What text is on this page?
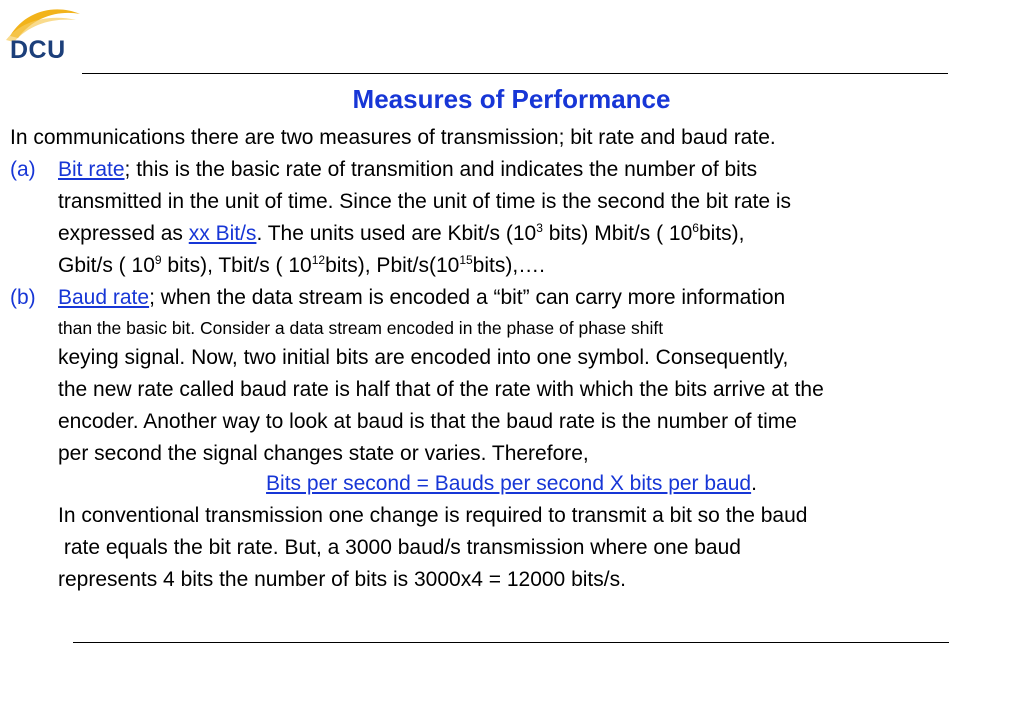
DCU
Measures of Performance
In communications there are two measures of transmission; bit rate and baud rate.
(a) Bit rate; this is the basic rate of transmition and indicates the number of bits
transmitted in the unit of time. Since the unit of time is the second the bit rate is
expressed as xx Bit/s. The units used are Kbit/s ($10^3$ bits) Mbit/s ( $10^6bits$),
Gbit/s ( $10^9$ bits), Tbit/s ( $10^{12}bits$), Pbit/$s(10^{15}bits),\dots$.
(b) Baud rate; when the data stream is encoded a “bit” can carry more information
than the basic bit. Consider a data stream encoded in the phase of phase shift
keying signal. Now, two initial bits are encoded into one symbol. Consequently,
the new rate called baud rate is half that of the rate with which the bits arrive at the
encoder. Another way to look at baud is that the baud rate is the number of time
per second the signal changes state or varies. Therefore,
Bits per second = Bauds per second X bits per baud.
In conventional transmission one change is required to transmit a bit so the baud
rate equals the bit rate. But, a 3000 baud/s transmission where one baud
represents 4 bits the number of bits is 3000x4 = 12000 bits/s.
